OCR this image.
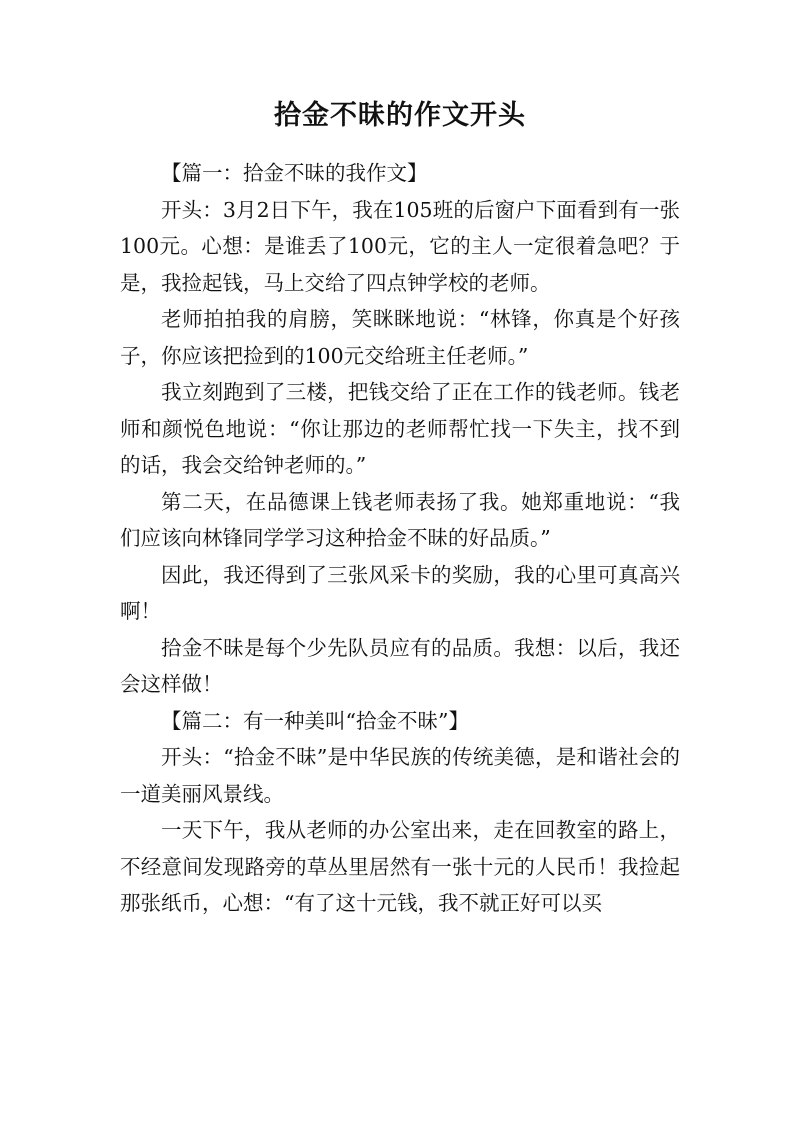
拾金不昧的作文开头

【篇一：拾金不昧的我作文】

开头：3月2日下午，我在105班的后窗户下面看到有一张100元。心想：是谁丢了100元，它的主人一定很着急吧？于是，我捡起钱，马上交给了四点钟学校的老师。

老师拍拍我的肩膀，笑眯眯地说：“林锋，你真是个好孩子，你应该把捡到的100元交给班主任老师。”

我立刻跑到了三楼，把钱交给了正在工作的钱老师。钱老师和颜悦色地说：“你让那边的老师帮忙找一下失主，找不到的话，我会交给钟老师的。”

第二天，在品德课上钱老师表扬了我。她郑重地说：“我们应该向林锋同学学习这种拾金不昧的好品质。”

因此，我还得到了三张风采卡的奖励，我的心里可真高兴啊！

拾金不昧是每个少先队员应有的品质。我想：以后，我还会这样做！

【篇二：有一种美叫“拾金不昧”】

开头：“拾金不昧”是中华民族的传统美德，是和谐社会的一道美丽风景线。

一天下午，我从老师的办公室出来，走在回教室的路上，不经意间发现路旁的草丛里居然有一张十元的人民币！我捡起那张纸币，心想：“有了这十元钱，我不就正好可以买
